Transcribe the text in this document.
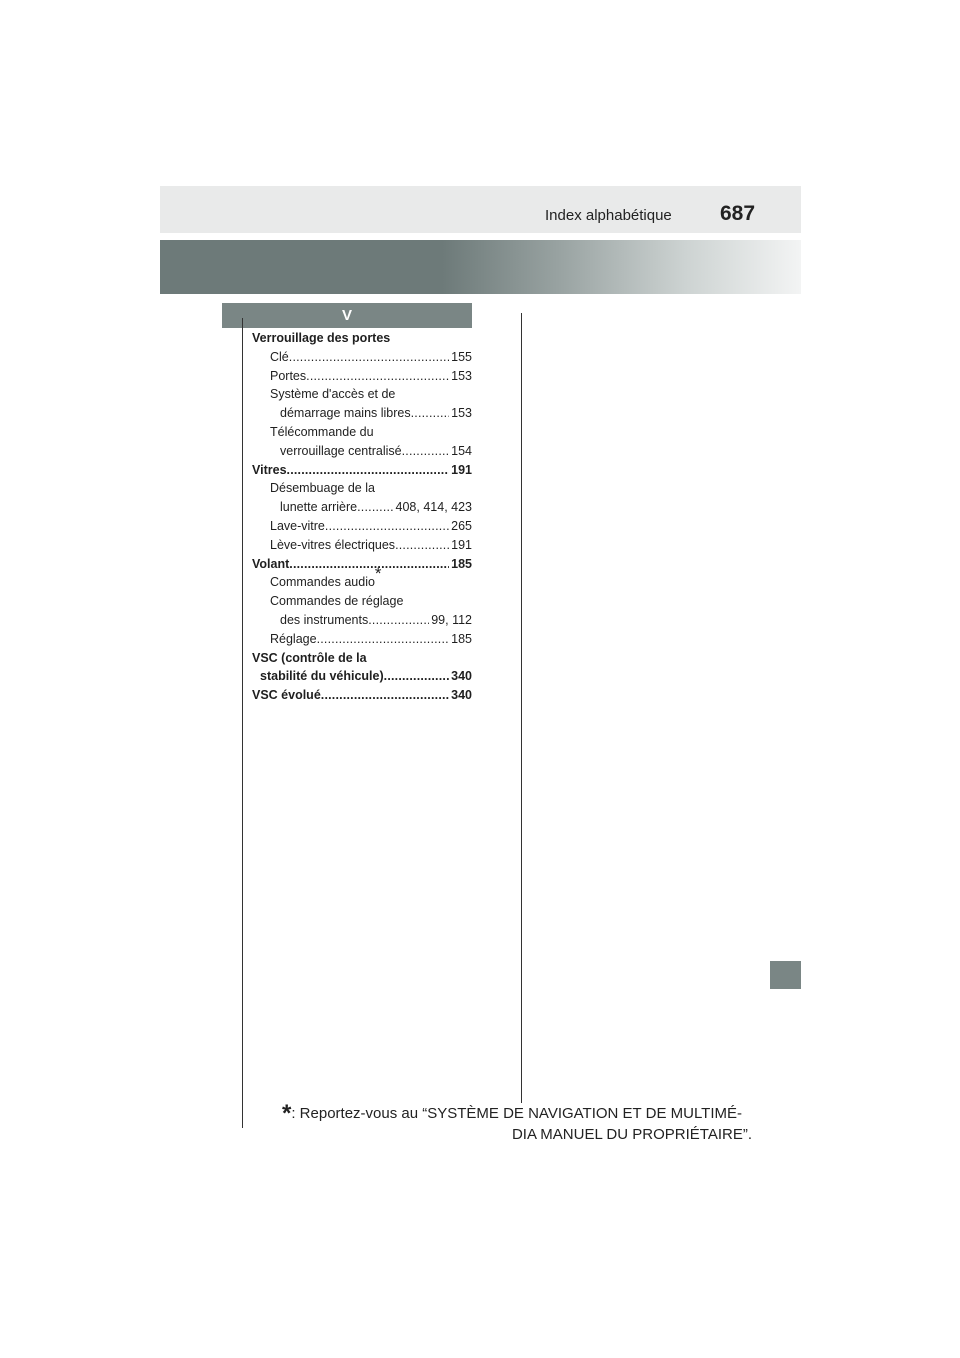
Index alphabétique 687
V
Verrouillage des portes
Clé .....	155
Portes .....	153
Système d'accès et de
démarrage mains libres .....	153
Télécommande du
verrouillage centralisé .....	154
Vitres .....	191
Désembuage de la
lunette arrière .....	408, 414, 423
Lave-vitre .....	265
Lève-vitres électriques .....	191
Volant .....	185
Commandes audio*
Commandes de réglage
des instruments .....	99, 112
Réglage .....	185
VSC (contrôle de la
stabilité du véhicule) .....	340
VSC évolué .....	340
*: Reportez-vous au “SYSTÈME DE NAVIGATION ET DE MULTIMÉ-
DIA MANUEL DU PROPRIÉTAIRE”.
